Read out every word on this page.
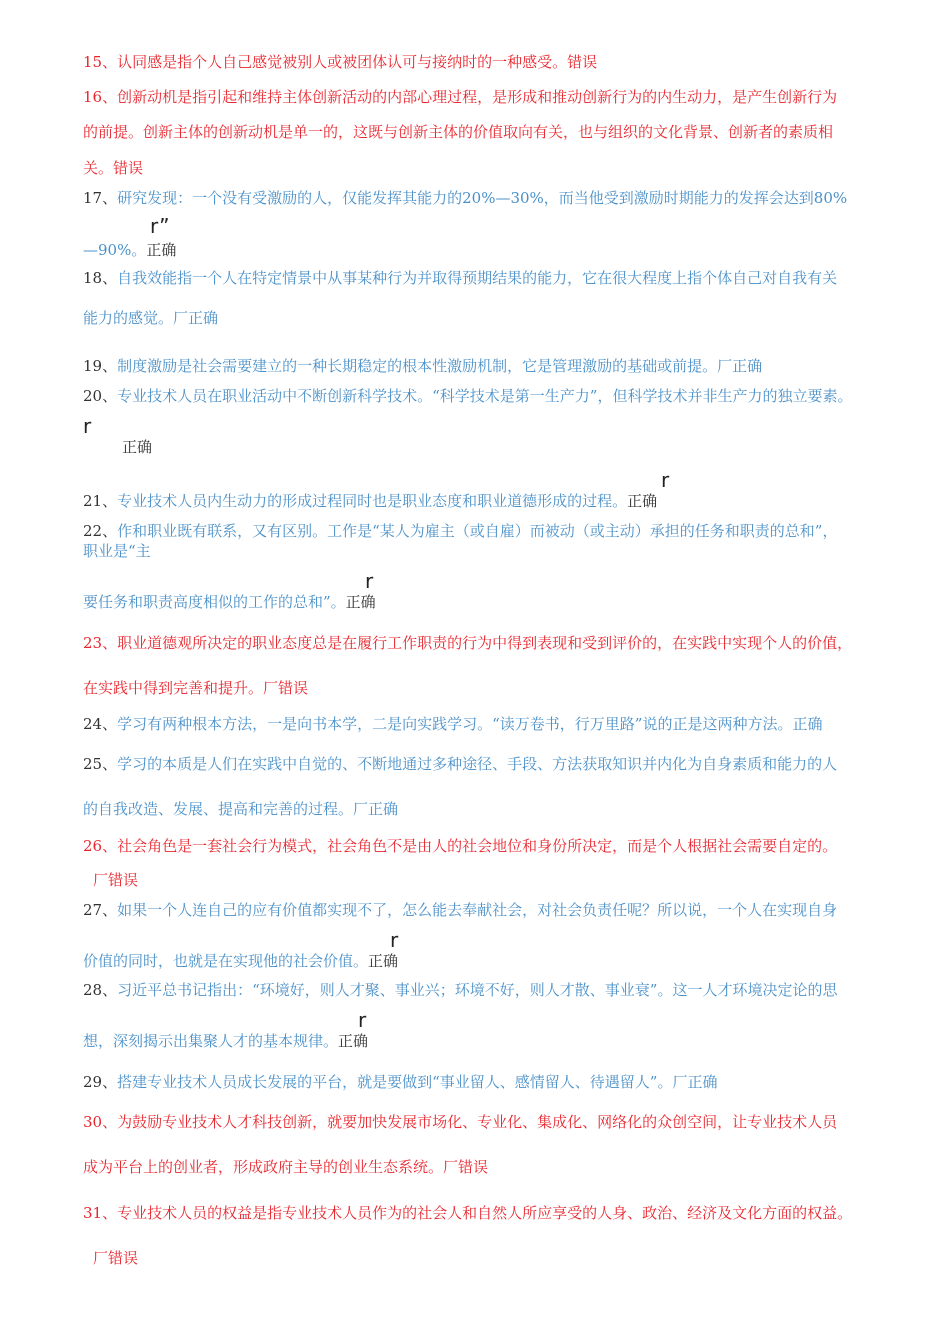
15、认同感是指个人自己感觉被别人或被团体认可与接纳时的一种感受。错误
16、创新动机是指引起和维持主体创新活动的内部心理过程，是形成和推动创新行为的内生动力，是产生创新行为
的前提。创新主体的创新动机是单一的，这既与创新主体的价值取向有关，也与组织的文化背景、创新者的素质相
关。错误
17、研究发现：一个没有受激励的人，仅能发挥其能力的20%—30%，而当他受到激励时期能力的发挥会达到80%
r”
—90%。正确
18、自我效能指一个人在特定情景中从事某种行为并取得预期结果的能力，它在很大程度上指个体自己对自我有关
能力的感觉。厂正确
19、制度激励是社会需要建立的一种长期稳定的根本性激励机制，它是管理激励的基础或前提。厂正确
20、专业技术人员在职业活动中不断创新科学技术。“科学技术是第一生产力”，但科学技术并非生产力的独立要素。
r
正确
r
21、专业技术人员内生动力的形成过程同时也是职业态度和职业道德形成的过程。正确
22、作和职业既有联系，又有区别。工作是“某人为雇主（或自雇）而被动（或主动）承担的任务和职责的总和”，
职业是“主
r
要任务和职责高度相似的工作的总和”。正确
23、职业道德观所决定的职业态度总是在履行工作职责的行为中得到表现和受到评价的，在实践中实现个人的价值，
在实践中得到完善和提升。厂错误
24、学习有两种根本方法，一是向书本学，二是向实践学习。“读万卷书，行万里路”说的正是这两种方法。正确
25、学习的本质是人们在实践中自觉的、不断地通过多种途径、手段、方法获取知识并内化为自身素质和能力的人
的自我改造、发展、提高和完善的过程。厂正确
26、社会角色是一套社会行为模式，社会角色不是由人的社会地位和身份所决定，而是个人根据社会需要自定的。
厂错误
27、如果一个人连自己的应有价值都实现不了，怎么能去奉献社会，对社会负责任呢？所以说，一个人在实现自身
r
价值的同时，也就是在实现他的社会价值。正确
28、习近平总书记指出：“环境好，则人才聚、事业兴；环境不好，则人才散、事业衰”。这一人才环境决定论的思
r
想，深刻揭示出集聚人才的基本规律。正确
29、搭建专业技术人员成长发展的平台，就是要做到“事业留人、感情留人、待遇留人”。厂正确
30、为鼓励专业技术人才科技创新，就要加快发展市场化、专业化、集成化、网络化的众创空间，让专业技术人员
成为平台上的创业者，形成政府主导的创业生态系统。厂错误
31、专业技术人员的权益是指专业技术人员作为的社会人和自然人所应享受的人身、政治、经济及文化方面的权益。
厂错误
